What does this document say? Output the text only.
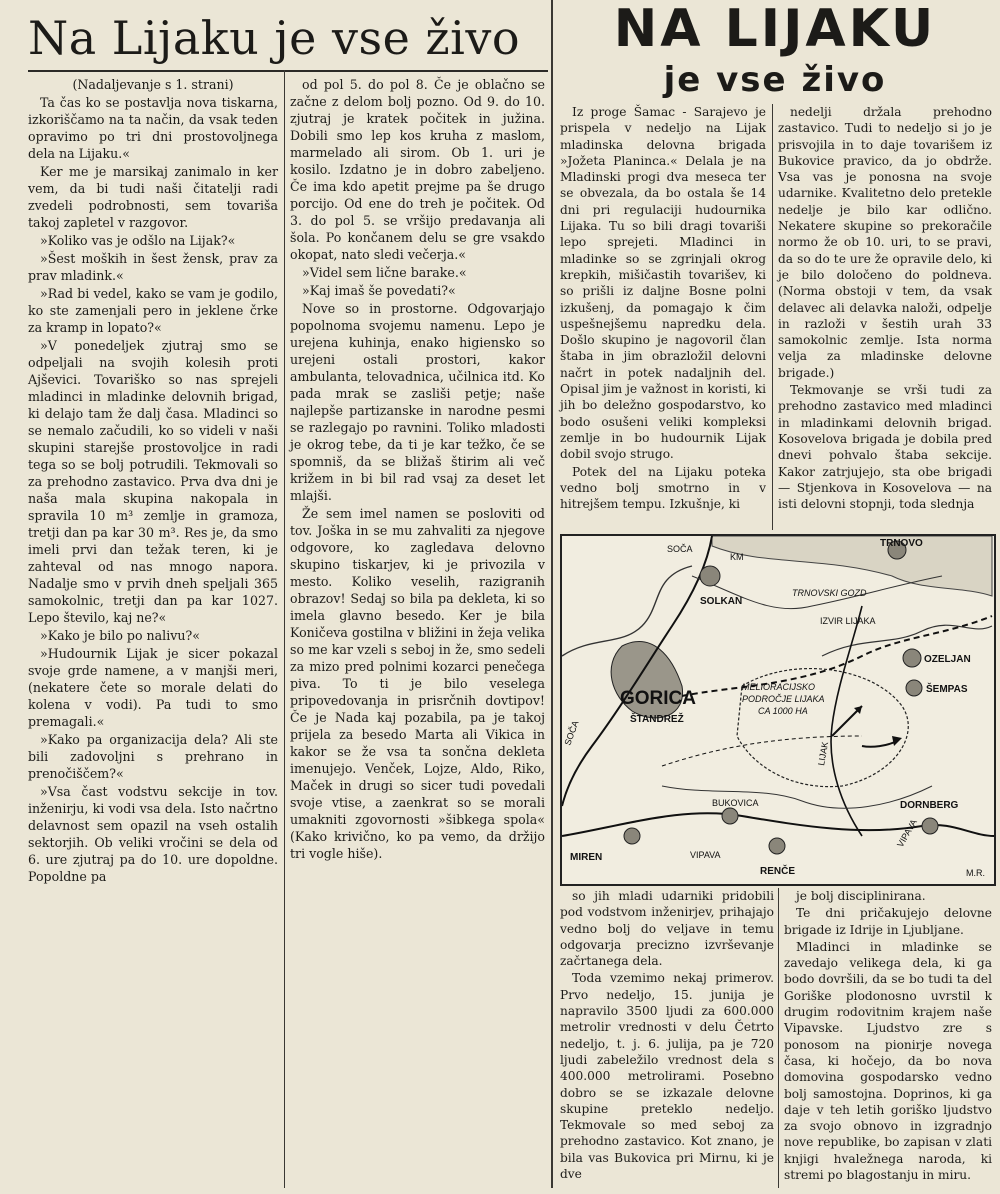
Na Lijaku je vse živo

(Nadaljevanje s 1. strani)

Ta čas ko se postavlja nova tiskarna, izkoriščamo na ta način, da vsak teden opravimo po tri dni prostovoljnega dela na Lijaku.«

Ker me je marsikaj zanimalo in ker vem, da bi tudi naši čitatelji radi zvedeli podrobnosti, sem tovariša takoj zapletel v razgovor.

»Koliko vas je odšlo na Lijak?«

»Šest moških in šest žensk, prav za prav mladink.«

»Rad bi vedel, kako se vam je godilo, ko ste zamenjali pero in jeklene črke za kramp in lopato?«

»V ponedeljek zjutraj smo se odpeljali na svojih kolesih proti Ajševici. Tovariško so nas sprejeli mladinci in mladinke delovnih brigad, ki delajo tam že dalj časa. Mladinci so se nemalo začudili, ko so videli v naši skupini starejše prostovoljce in radi tega so se bolj potrudili. Tekmovali so za prehodno zastavico. Prva dva dni je naša mala skupina nakopala in spravila 10 m³ zemlje in gramoza, tretji dan pa kar 30 m³. Res je, da smo imeli prvi dan težak teren, ki je zahteval od nas mnogo napora. Nadalje smo v prvih dneh speljali 365 samokolnic, tretji dan pa kar 1027. Lepo število, kaj ne?«

»Kako je bilo po nalivu?«

»Hudournik Lijak je sicer pokazal svoje grde namene, a v manjši meri, (nekatere čete so morale delati do kolena v vodi). Pa tudi to smo premagali.«

»Kako pa organizacija dela? Ali ste bili zadovoljni s prehrano in prenočiščem?«

»Vsa čast vodstvu sekcije in tov. inženirju, ki vodi vsa dela. Isto načrtno delavnost sem opazil na vseh ostalih sektorjih. Ob veliki vročini se dela od 6. ure zjutraj pa do 10. ure dopoldne. Popoldne pa

od pol 5. do pol 8. Če je oblačno se začne z delom bolj pozno. Od 9. do 10. zjutraj je kratek počitek in južina. Dobili smo lep kos kruha z maslom, marmelado ali sirom. Ob 1. uri je kosilo. Izdatno je in dobro zabeljeno. Če ima kdo apetit prejme pa še drugo porcijo. Od ene do treh je počitek. Od 3. do pol 5. se vršijo predavanja ali šola. Po končanem delu se gre vsakdo okopat, nato sledi večerja.«

»Videl sem lične barake.«

»Kaj imaš še povedati?«

Nove so in prostorne. Odgovarjajo popolnoma svojemu namenu. Lepo je urejena kuhinja, enako higiensko so urejeni ostali prostori, kakor ambulanta, telovadnica, učilnica itd. Ko pada mrak se zasliši petje; naše najlepše partizanske in narodne pesmi se razlegajo po ravnini. Toliko mladosti je okrog tebe, da ti je kar težko, če se spomniš, da se bližaš štirim ali več križem in bi bil rad vsaj za deset let mlajši.

Že sem imel namen se posloviti od tov. Joška in se mu zahvaliti za njegove odgovore, ko zagledava delovno skupino tiskarjev, ki je privozila v mesto. Koliko veselih, razigranih obrazov! Sedaj so bila pa dekleta, ki so imela glavno besedo. Ker je bila Koničeva gostilna v bližini in žeja velika so me kar vzeli s seboj in že, smo sedeli za mizo pred polnimi kozarci penečega piva. To ti je bilo veselega pripovedovanja in prisrčnih dovtipov! Če je Nada kaj pozabila, pa je takoj prijela za besedo Marta ali Vikica in kakor se že vsa ta sončna dekleta imenujejo. Venček, Lojze, Aldo, Riko, Maček in drugi so sicer tudi povedali svoje vtise, a zaenkrat so se morali umakniti zgovornosti »šibkega spola« (Kako krivično, ko pa vemo, da držijo tri vogle hiše).

NA LIJAKU
je vse živo

Iz proge Šamac - Sarajevo je prispela v nedeljo na Lijak mladinska delovna brigada »Jožeta Planinca.« Delala je na Mladinski progi dva meseca ter se obvezala, da bo ostala še 14 dni pri regulaciji hudournika Lijaka. Tu so bili dragi tovariši lepo sprejeti. Mladinci in mladinke so se zgrinjali okrog krepkih, mišičastih tovarišev, ki so prišli iz daljne Bosne polni izkušenj, da pomagajo k čim uspešnejšemu napredku dela. Došlo skupino je nagovoril član štaba in jim obrazložil delovni načrt in potek nadaljnih del. Opisal jim je važnost in koristi, ki jih bo deležno gospodarstvo, ko bodo osušeni veliki kompleksi zemlje in bo hudournik Lijak dobil svojo strugo.

Potek del na Lijaku poteka vedno bolj smotrno in v hitrejšem tempu. Izkušnje, ki

nedelji držala prehodno zastavico. Tudi to nedeljo si jo je prisvojila in to daje tovarišem iz Bukovice pravico, da jo obdrže. Vsa vas je ponosna na svoje udarnike. Kvalitetno delo pretekle nedelje je bilo kar odlično. Nekatere skupine so prekoračile normo že ob 10. uri, to se pravi, da so do te ure že opravile delo, ki je bilo določeno do poldneva. (Norma obstoji v tem, da vsak delavec ali delavka naloži, odpelje in razloži v šestih urah 33 samokolnic zemlje. Ista norma velja za mladinske delovne brigade.)

Tekmovanje se vrši tudi za prehodno zastavico med mladinci in mladinkami delovnih brigad. Kosovelova brigada je dobila pred dnevi pohvalo štaba sekcije. Kakor zatrjujejo, sta obe brigadi — Stjenkova in Kosovelova — na isti delovni stopnji, toda slednja

SOČA
KM
TRNOVO
SOLKAN
TRNOVSKI GOZD
IZVIR LIJAKA
OZELJAN
ŠEMPAS
GORICA
ŠTANDREŽ
SOČA
MELIORACIJSKO
PODROČJE LIJAKA
CA 1000 HA
LIJAK
BUKOVICA	DORNBERG
MIREN	VIPAVA
VIPAVA
RENČE	M.R.

so jih mladi udarniki pridobili pod vodstvom inženirjev, prihajajo vedno bolj do veljave in temu odgovarja precizno izvrševanje začrtanega dela.

Toda vzemimo nekaj primerov. Prvo nedeljo, 15. junija je napravilo 3500 ljudi za 600.000 metrolir vrednosti v delu Četrto nedeljo, t. j. 6. julija, pa je 720 ljudi zabeležilo vrednost dela s 400.000 metrolirami. Posebno dobro se se izkazale delovne skupine preteklo nedeljo. Tekmovale so med seboj za prehodno zastavico. Kot znano, je bila vas Bukovica pri Mirnu, ki je dve

je bolj disciplinirana.

Te dni pričakujejo delovne brigade iz Idrije in Ljubljane.

Mladinci in mladinke se zavedajo velikega dela, ki ga bodo dovršili, da se bo tudi ta del Goriške plodonosno uvrstil k drugim rodovitnim krajem naše Vipavske. Ljudstvo zre s ponosom na pionirje novega časa, ki hočejo, da bo nova domovina gospodarsko vedno bolj samostojna. Doprinos, ki ga daje v teh letih goriško ljudstvo za svojo obnovo in izgradnjo nove republike, bo zapisan v zlati knjigi hvaležnega naroda, ki stremi po blagostanju in miru.
